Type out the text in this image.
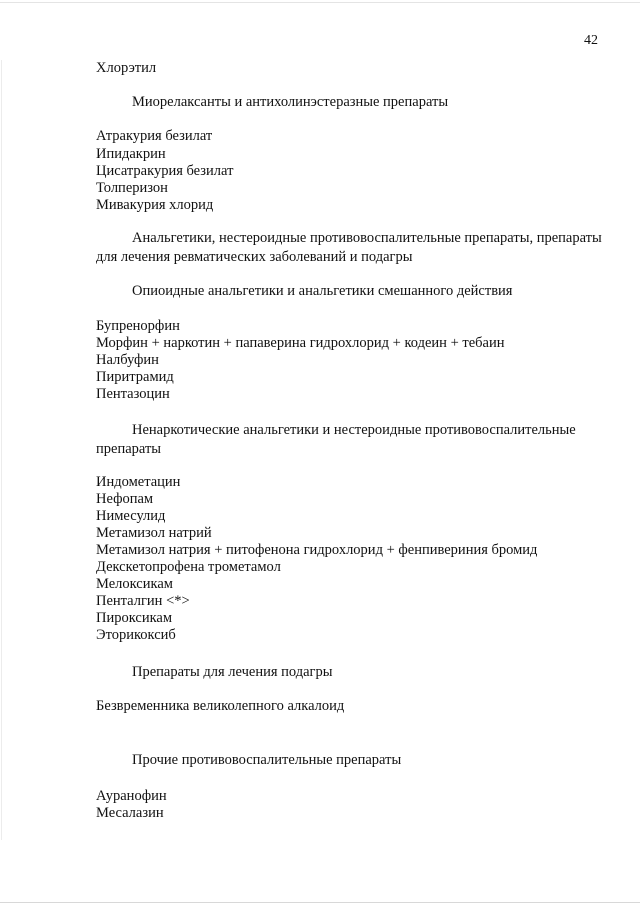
42
Хлорэтил
Миорелаксанты и антихолинэстеразные препараты
Атракурия безилат
Ипидакрин
Цисатракурия безилат
Толперизон
Мивакурия хлорид
Анальгетики, нестероидные противовоспалительные препараты, препараты для лечения ревматических заболеваний и подагры
Опиоидные анальгетики и анальгетики смешанного действия
Бупренорфин
Морфин + наркотин + папаверина гидрохлорид + кодеин + тебаин
Налбуфин
Пиритрамид
Пентазоцин
Ненаркотические анальгетики и нестероидные противовоспалительные препараты
Индометацин
Нефопам
Нимесулид
Метамизол натрий
Метамизол натрия + питофенона гидрохлорид + фенпивериния бромид
Декскетопрофена трометамол
Мелоксикам
Пенталгин <*>
Пироксикам
Эторикоксиб
Препараты для лечения подагры
Безвременника великолепного алкалоид
Прочие противовоспалительные препараты
Ауранофин
Месалазин
